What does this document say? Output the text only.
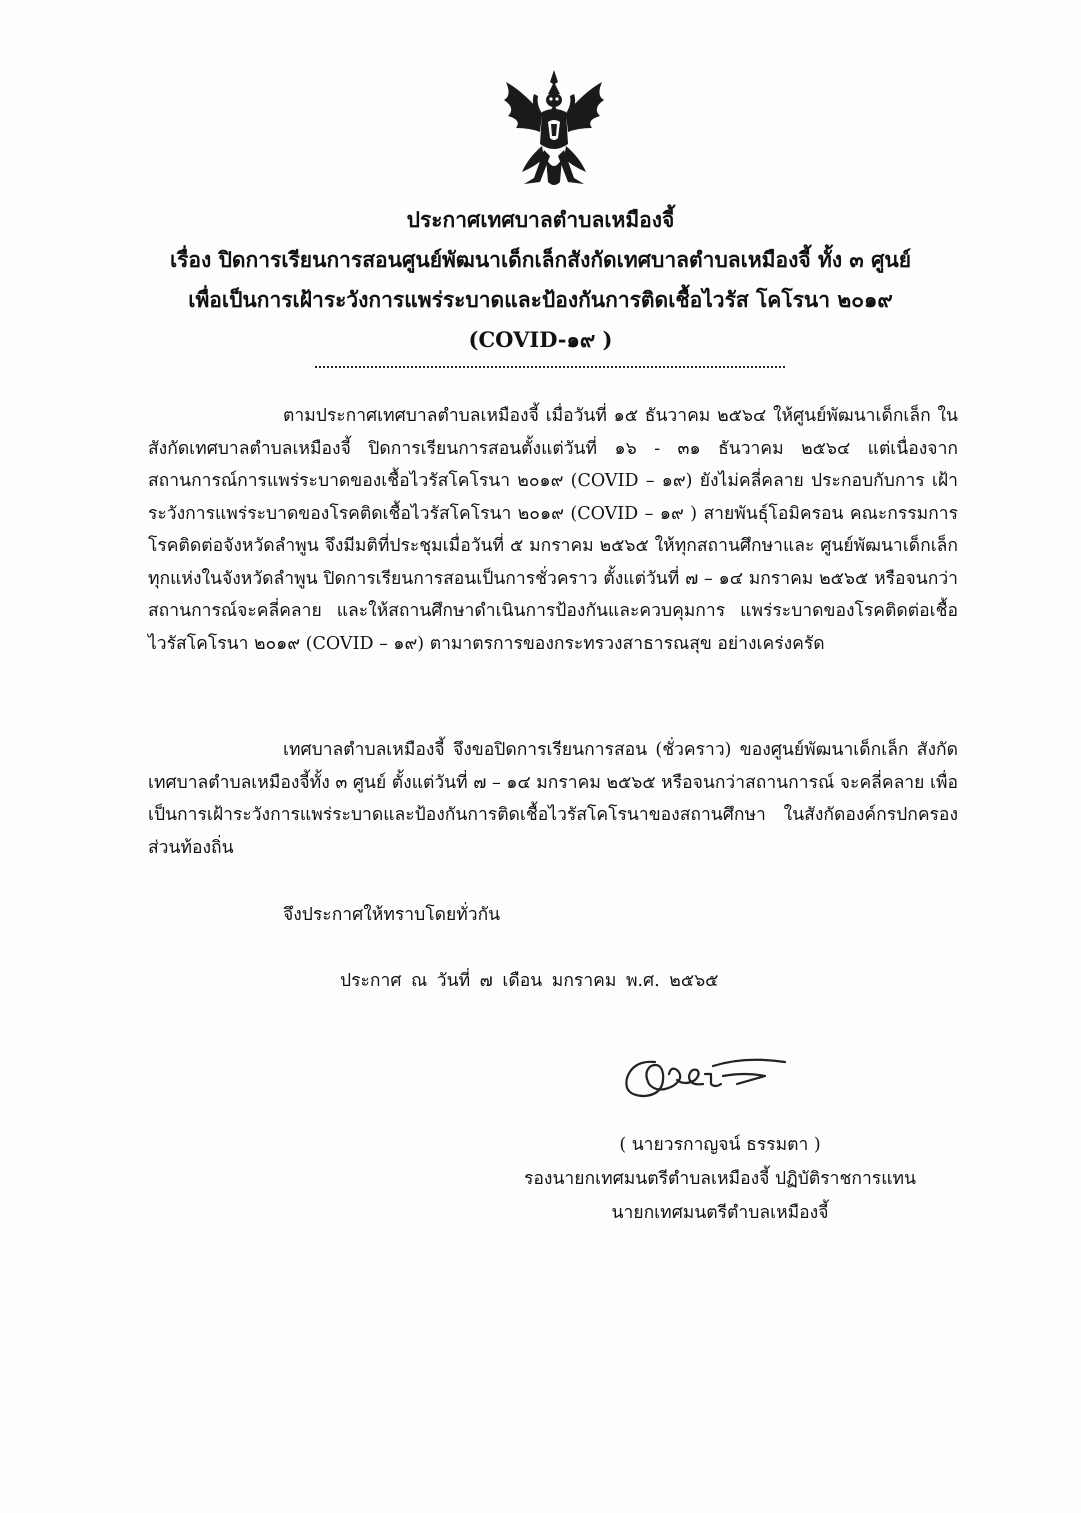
ประกาศเทศบาลตำบลเหมืองจี้
เรื่อง ปิดการเรียนการสอนศูนย์พัฒนาเด็กเล็กสังกัดเทศบาลตำบลเหมืองจี้ ทั้ง ๓ ศูนย์
เพื่อเป็นการเฝ้าระวังการแพร่ระบาดและป้องกันการติดเชื้อไวรัส โคโรนา ๒๐๑๙
(COVID-๑๙ )
ตามประกาศเทศบาลตำบลเหมืองจี้ เมื่อวันที่ ๑๕ ธันวาคม ๒๕๖๔ ให้ศูนย์พัฒนาเด็กเล็ก ในสังกัดเทศบาลตำบลเหมืองจี้ ปิดการเรียนการสอนตั้งแต่วันที่ ๑๖ - ๓๑ ธันวาคม ๒๕๖๔ แต่เนื่องจาก สถานการณ์การแพร่ระบาดของเชื้อไวรัสโคโรนา ๒๐๑๙ (COVID – ๑๙) ยังไม่คลี่คลาย ประกอบกับการ เฝ้าระวังการแพร่ระบาดของโรคติดเชื้อไวรัสโคโรนา ๒๐๑๙ (COVID – ๑๙ ) สายพันธุ์โอมิครอน คณะกรรมการโรคติดต่อจังหวัดลำพูน จึงมีมติที่ประชุมเมื่อวันที่ ๕ มกราคม ๒๕๖๕ ให้ทุกสถานศึกษาและ ศูนย์พัฒนาเด็กเล็กทุกแห่งในจังหวัดลำพูน ปิดการเรียนการสอนเป็นการชั่วคราว ตั้งแต่วันที่ ๗ – ๑๔ มกราคม ๒๕๖๕ หรือจนกว่าสถานการณ์จะคลี่คลาย และให้สถานศึกษาดำเนินการป้องกันและควบคุมการ แพร่ระบาดของโรคติดต่อเชื้อไวรัสโคโรนา ๒๐๑๙ (COVID – ๑๙) ตามาตรการของกระทรวงสาธารณสุข อย่างเคร่งครัด
เทศบาลตำบลเหมืองจี้ จึงขอปิดการเรียนการสอน (ชั่วคราว) ของศูนย์พัฒนาเด็กเล็ก สังกัดเทศบาลตำบลเหมืองจี้ทั้ง ๓ ศูนย์ ตั้งแต่วันที่ ๗ – ๑๔ มกราคม ๒๕๖๕ หรือจนกว่าสถานการณ์ จะคลี่คลาย เพื่อเป็นการเฝ้าระวังการแพร่ระบาดและป้องกันการติดเชื้อไวรัสโคโรนาของสถานศึกษา ในสังกัดองค์กรปกครองส่วนท้องถิ่น
จึงประกาศให้ทราบโดยทั่วกัน
ประกาศ ณ วันที่ ๗ เดือน มกราคม พ.ศ. ๒๕๖๕
( นายวรกาญจน์ ธรรมตา )
รองนายกเทศมนตรีตำบลเหมืองจี้ ปฏิบัติราชการแทน
นายกเทศมนตรีตำบลเหมืองจี้
